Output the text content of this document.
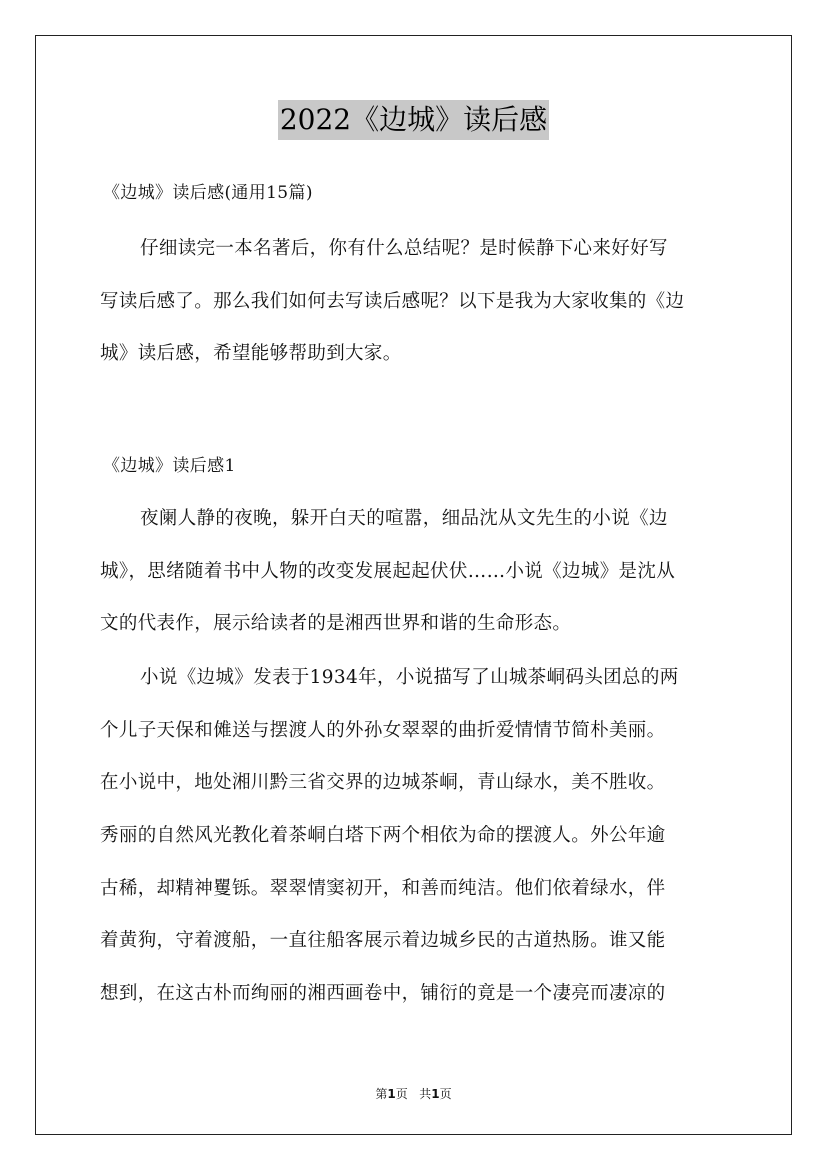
2022《边城》读后感
《边城》读后感(通用15篇)
仔细读完一本名著后，你有什么总结呢？是时候静下心来好好写
写读后感了。那么我们如何去写读后感呢？以下是我为大家收集的《边
城》读后感，希望能够帮助到大家。
《边城》读后感1
夜阑人静的夜晚，躲开白天的喧嚣，细品沈从文先生的小说《边
城》，思绪随着书中人物的改变发展起起伏伏……小说《边城》是沈从
文的代表作，展示给读者的是湘西世界和谐的生命形态。
小说《边城》发表于1934年，小说描写了山城茶峒码头团总的两
个儿子天保和傩送与摆渡人的外孙女翠翠的曲折爱情情节简朴美丽。
在小说中，地处湘川黔三省交界的边城茶峒，青山绿水，美不胜收。
秀丽的自然风光教化着茶峒白塔下两个相依为命的摆渡人。外公年逾
古稀，却精神矍铄。翠翠情窦初开，和善而纯洁。他们依着绿水，伴
着黄狗，守着渡船，一直往船客展示着边城乡民的古道热肠。谁又能
想到，在这古朴而绚丽的湘西画卷中，铺衍的竟是一个凄亮而凄凉的
第1页 共1页
